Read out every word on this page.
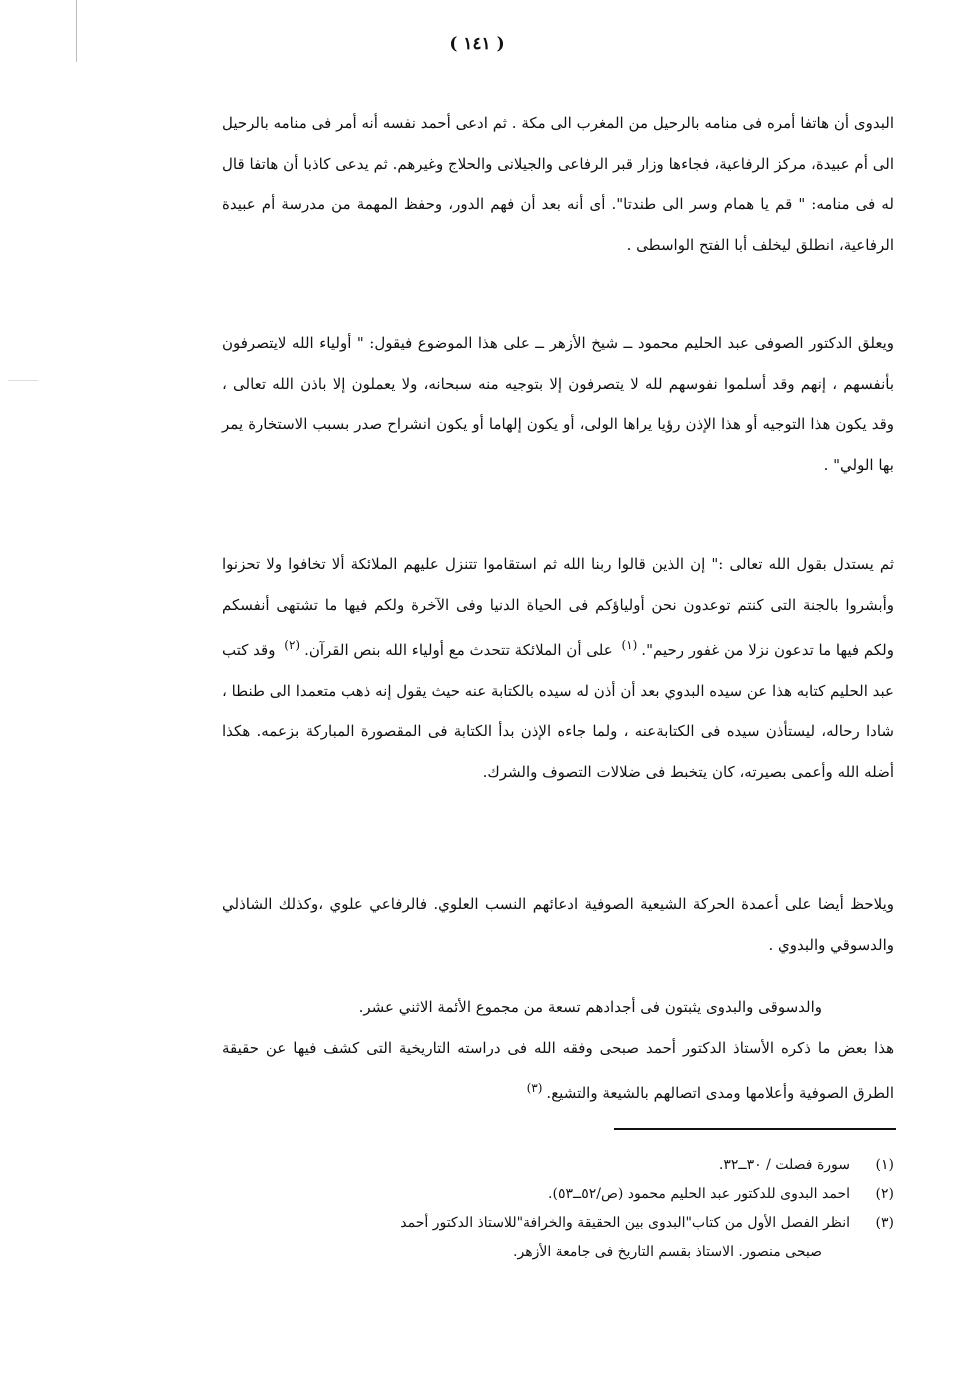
( ١٤١ )

البدوى أن هاتفا أمره فى منامه بالرحيل من المغرب الى مكة . ثم ادعى أحمد نفسه أنه أمر فى منامه بالرحيل الى أم عبيدة، مركز الرفاعية، فجاءها وزار قبر الرفاعى والجيلانى والحلاج وغيرهم. ثم يدعى كاذبا أن هاتفا قال له فى منامه: " قم يا همام وسر الى طندتا". أى أنه بعد أن فهم الدور، وحفظ المهمة من مدرسة أم عبيدة الرفاعية، انطلق ليخلف أبا الفتح الواسطى .

ويعلق الدكتور الصوفى عبد الحليم محمود ــ شيخ الأزهر ــ على هذا الموضوع فيقول: " أولياء الله لايتصرفون بأنفسهم ، إنهم وقد أسلموا نفوسهم لله لا يتصرفون إلا بتوجيه منه سبحانه، ولا يعملون إلا باذن الله تعالى ، وقد يكون هذا التوجيه أو هذا الإذن رؤيا يراها الولى، أو يكون إلهاما أو يكون انشراح صدر بسبب الاستخارة يمر بها الولي" .

ثم يستدل بقول الله تعالى :" إن الذين قالوا ربنا الله ثم استقاموا تتنزل عليهم الملائكة ألا تخافوا ولا تحزنوا وأبشروا بالجنة التى كنتم توعدون نحن أولياؤكم فى الحياة الدنيا وفى الآخرة ولكم فيها ما تشتهى أنفسكم ولكم فيها ما تدعون نزلا من غفور رحيم".$^{(١)}$ على أن الملائكة تتحدث مع أولياء الله بنص القرآن.$^{(٢)}$ وقد كتب عبد الحليم كتابه هذا عن سيده البدوي بعد أن أذن له سيده بالكتابة عنه حيث يقول إنه ذهب متعمدا الى طنطا ، شادا رحاله، ليستأذن سيده فى الكتابةعنه ، ولما جاءه الإذن بدأ الكتابة فى المقصورة المباركة بزعمه. هكذا أضله الله وأعمى بصيرته، كان يتخبط فى ضلالات التصوف والشرك.

ويلاحظ أيضا على أعمدة الحركة الشيعية الصوفية ادعائهم النسب العلوي. فالرفاعي علوي ،وكذلك الشاذلي والدسوقي والبدوي .

والدسوقى والبدوى يثبتون فى أجدادهم تسعة من مجموع الأئمة الاثني عشر.

هذا بعض ما ذكره الأستاذ الدكتور أحمد صبحى وفقه الله فى دراسته التاريخية التى كشف فيها عن حقيقة الطرق الصوفية وأعلامها ومدى اتصالهم بالشيعة والتشيع.$^{(٣)}$

(١)
سورة فصلت / ٣٠ــ٣٢.
(٢)
احمد البدوى للدكتور عبد الحليم محمود (ص/٥٢ــ٥٣).
(٣)
انظر الفصل الأول من كتاب"البدوى بين الحقيقة والخرافة"للاستاذ الدكتور أحمد
صبحى منصور. الاستاذ بقسم التاريخ فى جامعة الأزهر.
